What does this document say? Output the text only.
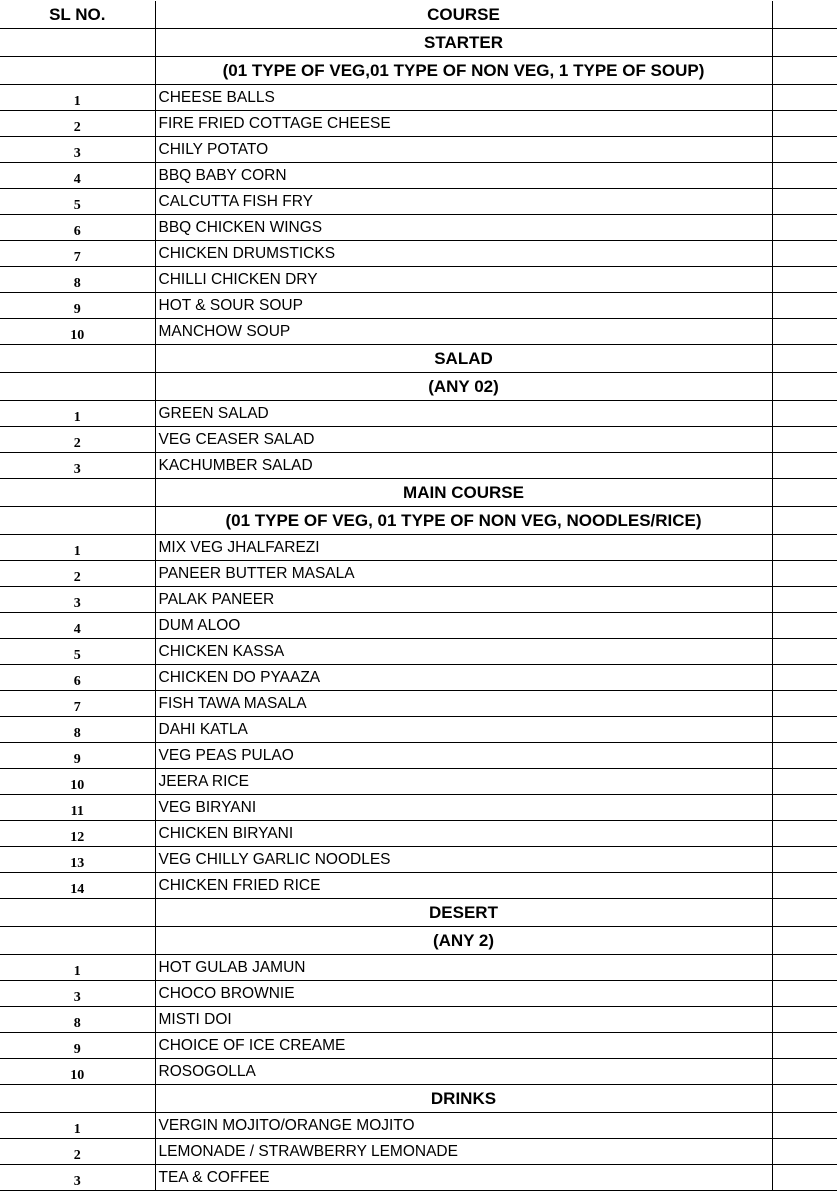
SL NO.	COURSE	
	STARTER	
	(01 TYPE OF VEG,01 TYPE OF NON VEG, 1 TYPE OF SOUP)	
1	CHEESE BALLS	
2	FIRE FRIED COTTAGE CHEESE	
3	CHILY POTATO	
4	BBQ BABY CORN	
5	CALCUTTA FISH FRY	
6	BBQ CHICKEN WINGS	
7	CHICKEN DRUMSTICKS	
8	CHILLI CHICKEN DRY	
9	HOT & SOUR SOUP	
10	MANCHOW SOUP	
	SALAD	
	(ANY 02)	
1	GREEN SALAD	
2	VEG CEASER SALAD	
3	KACHUMBER SALAD	
	MAIN COURSE	
	(01 TYPE OF VEG, 01 TYPE OF NON VEG, NOODLES/RICE)	
1	MIX VEG JHALFAREZI	
2	PANEER BUTTER MASALA	
3	PALAK PANEER	
4	DUM ALOO	
5	CHICKEN KASSA	
6	CHICKEN DO PYAAZA	
7	FISH TAWA MASALA	
8	DAHI KATLA	
9	VEG PEAS PULAO	
10	JEERA RICE	
11	VEG BIRYANI	
12	CHICKEN BIRYANI	
13	VEG CHILLY GARLIC NOODLES	
14	CHICKEN FRIED RICE	
	DESERT	
	(ANY 2)	
1	HOT GULAB JAMUN	
3	CHOCO BROWNIE	
8	MISTI DOI	
9	CHOICE OF ICE CREAME	
10	ROSOGOLLA	
	DRINKS	
1	VERGIN MOJITO/ORANGE MOJITO	
2	LEMONADE / STRAWBERRY LEMONADE	
3	TEA & COFFEE	
